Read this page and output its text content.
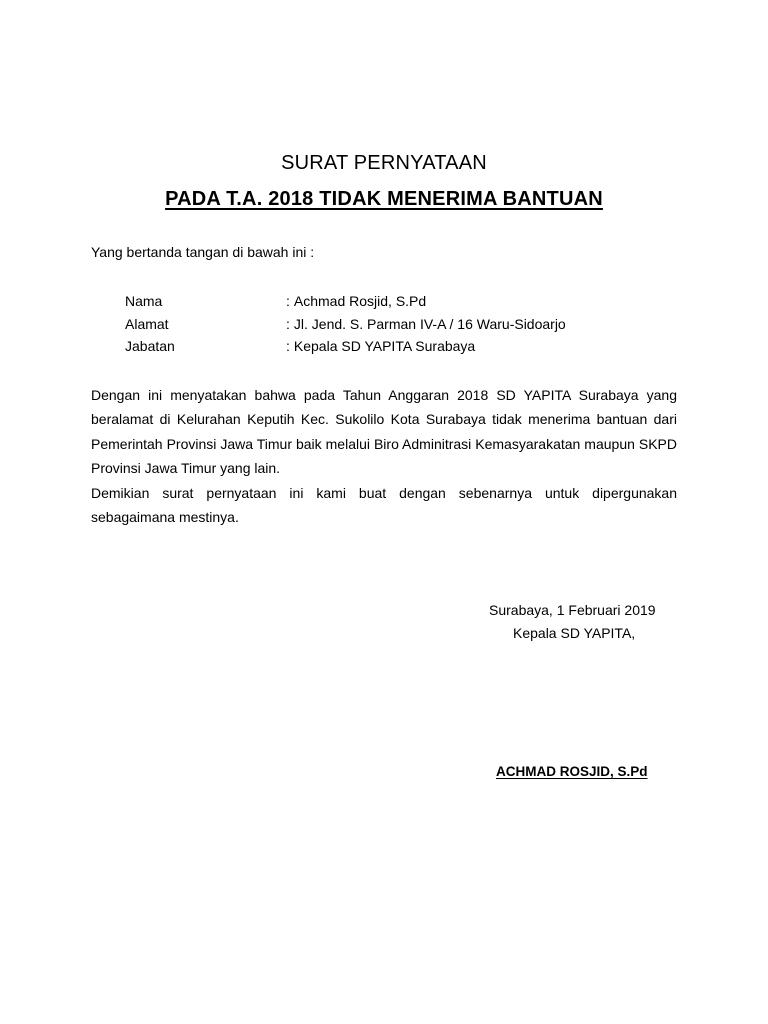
SURAT PERNYATAAN
PADA T.A. 2018 TIDAK MENERIMA BANTUAN
Yang bertanda tangan di bawah ini :
Nama	: Achmad Rosjid, S.Pd
Alamat	: Jl. Jend. S. Parman IV-A / 16 Waru-Sidoarjo
Jabatan	: Kepala SD YAPITA Surabaya

Dengan ini menyatakan bahwa pada Tahun Anggaran 2018 SD YAPITA Surabaya yang beralamat di Kelurahan Keputih Kec. Sukolilo Kota Surabaya tidak menerima bantuan dari Pemerintah Provinsi Jawa Timur baik melalui Biro Adminitrasi Kemasyarakatan maupun SKPD Provinsi Jawa Timur yang lain.

Demikian surat pernyataan ini kami buat dengan sebenarnya untuk dipergunakan sebagaimana mestinya.

Surabaya, 1 Februari 2019
Kepala SD YAPITA,
ACHMAD ROSJID, S.Pd
